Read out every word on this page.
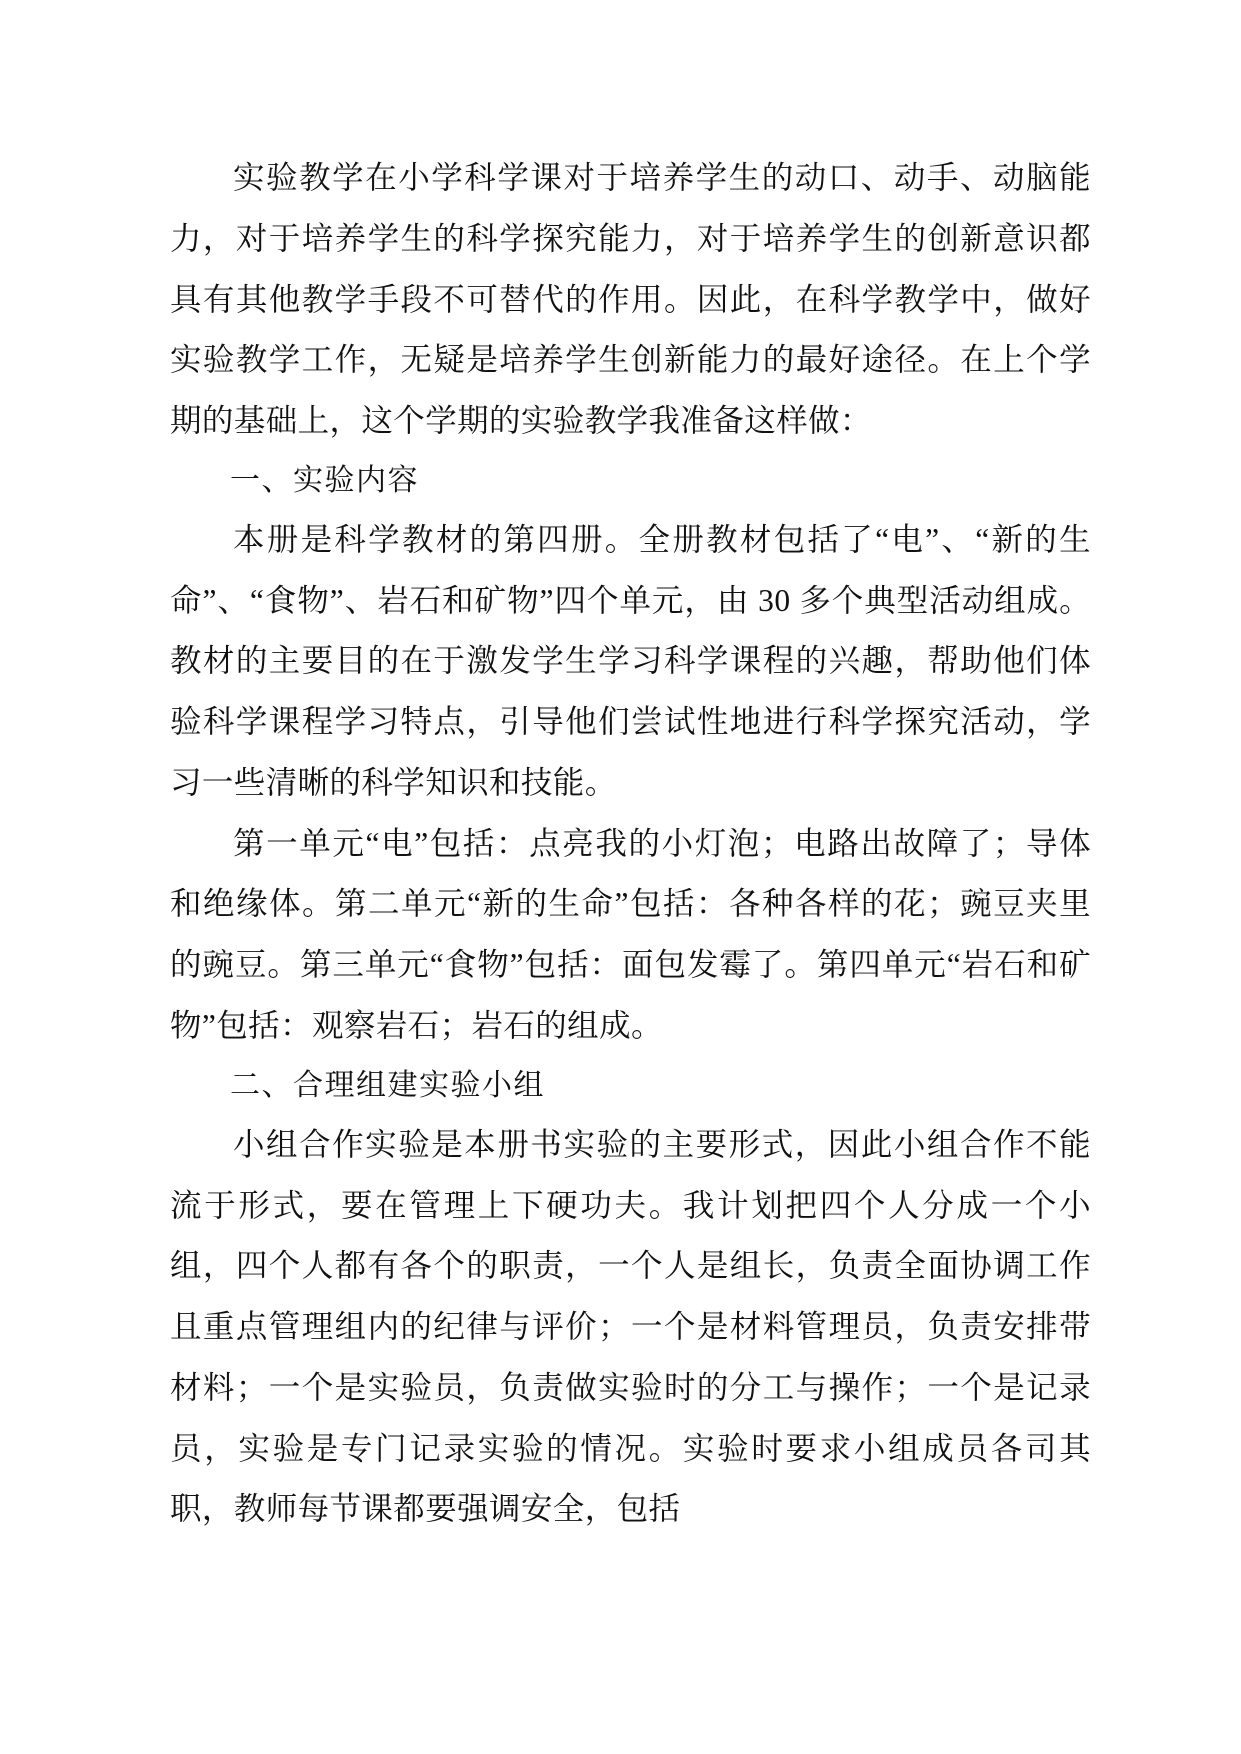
实验教学在小学科学课对于培养学生的动口、动手、动脑能力，对于培养学生的科学探究能力，对于培养学生的创新意识都具有其他教学手段不可替代的作用。因此，在科学教学中，做好实验教学工作，无疑是培养学生创新能力的最好途径。在上个学期的基础上，这个学期的实验教学我准备这样做：

一、实验内容

本册是科学教材的第四册。全册教材包括了“电”、“新的生命”、“食物”、岩石和矿物”四个单元，由 30 多个典型活动组成。教材的主要目的在于激发学生学习科学课程的兴趣，帮助他们体验科学课程学习特点，引导他们尝试性地进行科学探究活动，学习一些清晰的科学知识和技能。

第一单元“电”包括：点亮我的小灯泡；电路出故障了；导体和绝缘体。第二单元“新的生命”包括：各种各样的花；豌豆夹里的豌豆。第三单元“食物”包括：面包发霉了。第四单元“岩石和矿物”包括：观察岩石；岩石的组成。

二、合理组建实验小组

小组合作实验是本册书实验的主要形式，因此小组合作不能流于形式，要在管理上下硬功夫。我计划把四个人分成一个小组，四个人都有各个的职责，一个人是组长，负责全面协调工作且重点管理组内的纪律与评价；一个是材料管理员，负责安排带材料；一个是实验员，负责做实验时的分工与操作；一个是记录员，实验是专门记录实验的情况。实验时要求小组成员各司其职，教师每节课都要强调安全，包括
